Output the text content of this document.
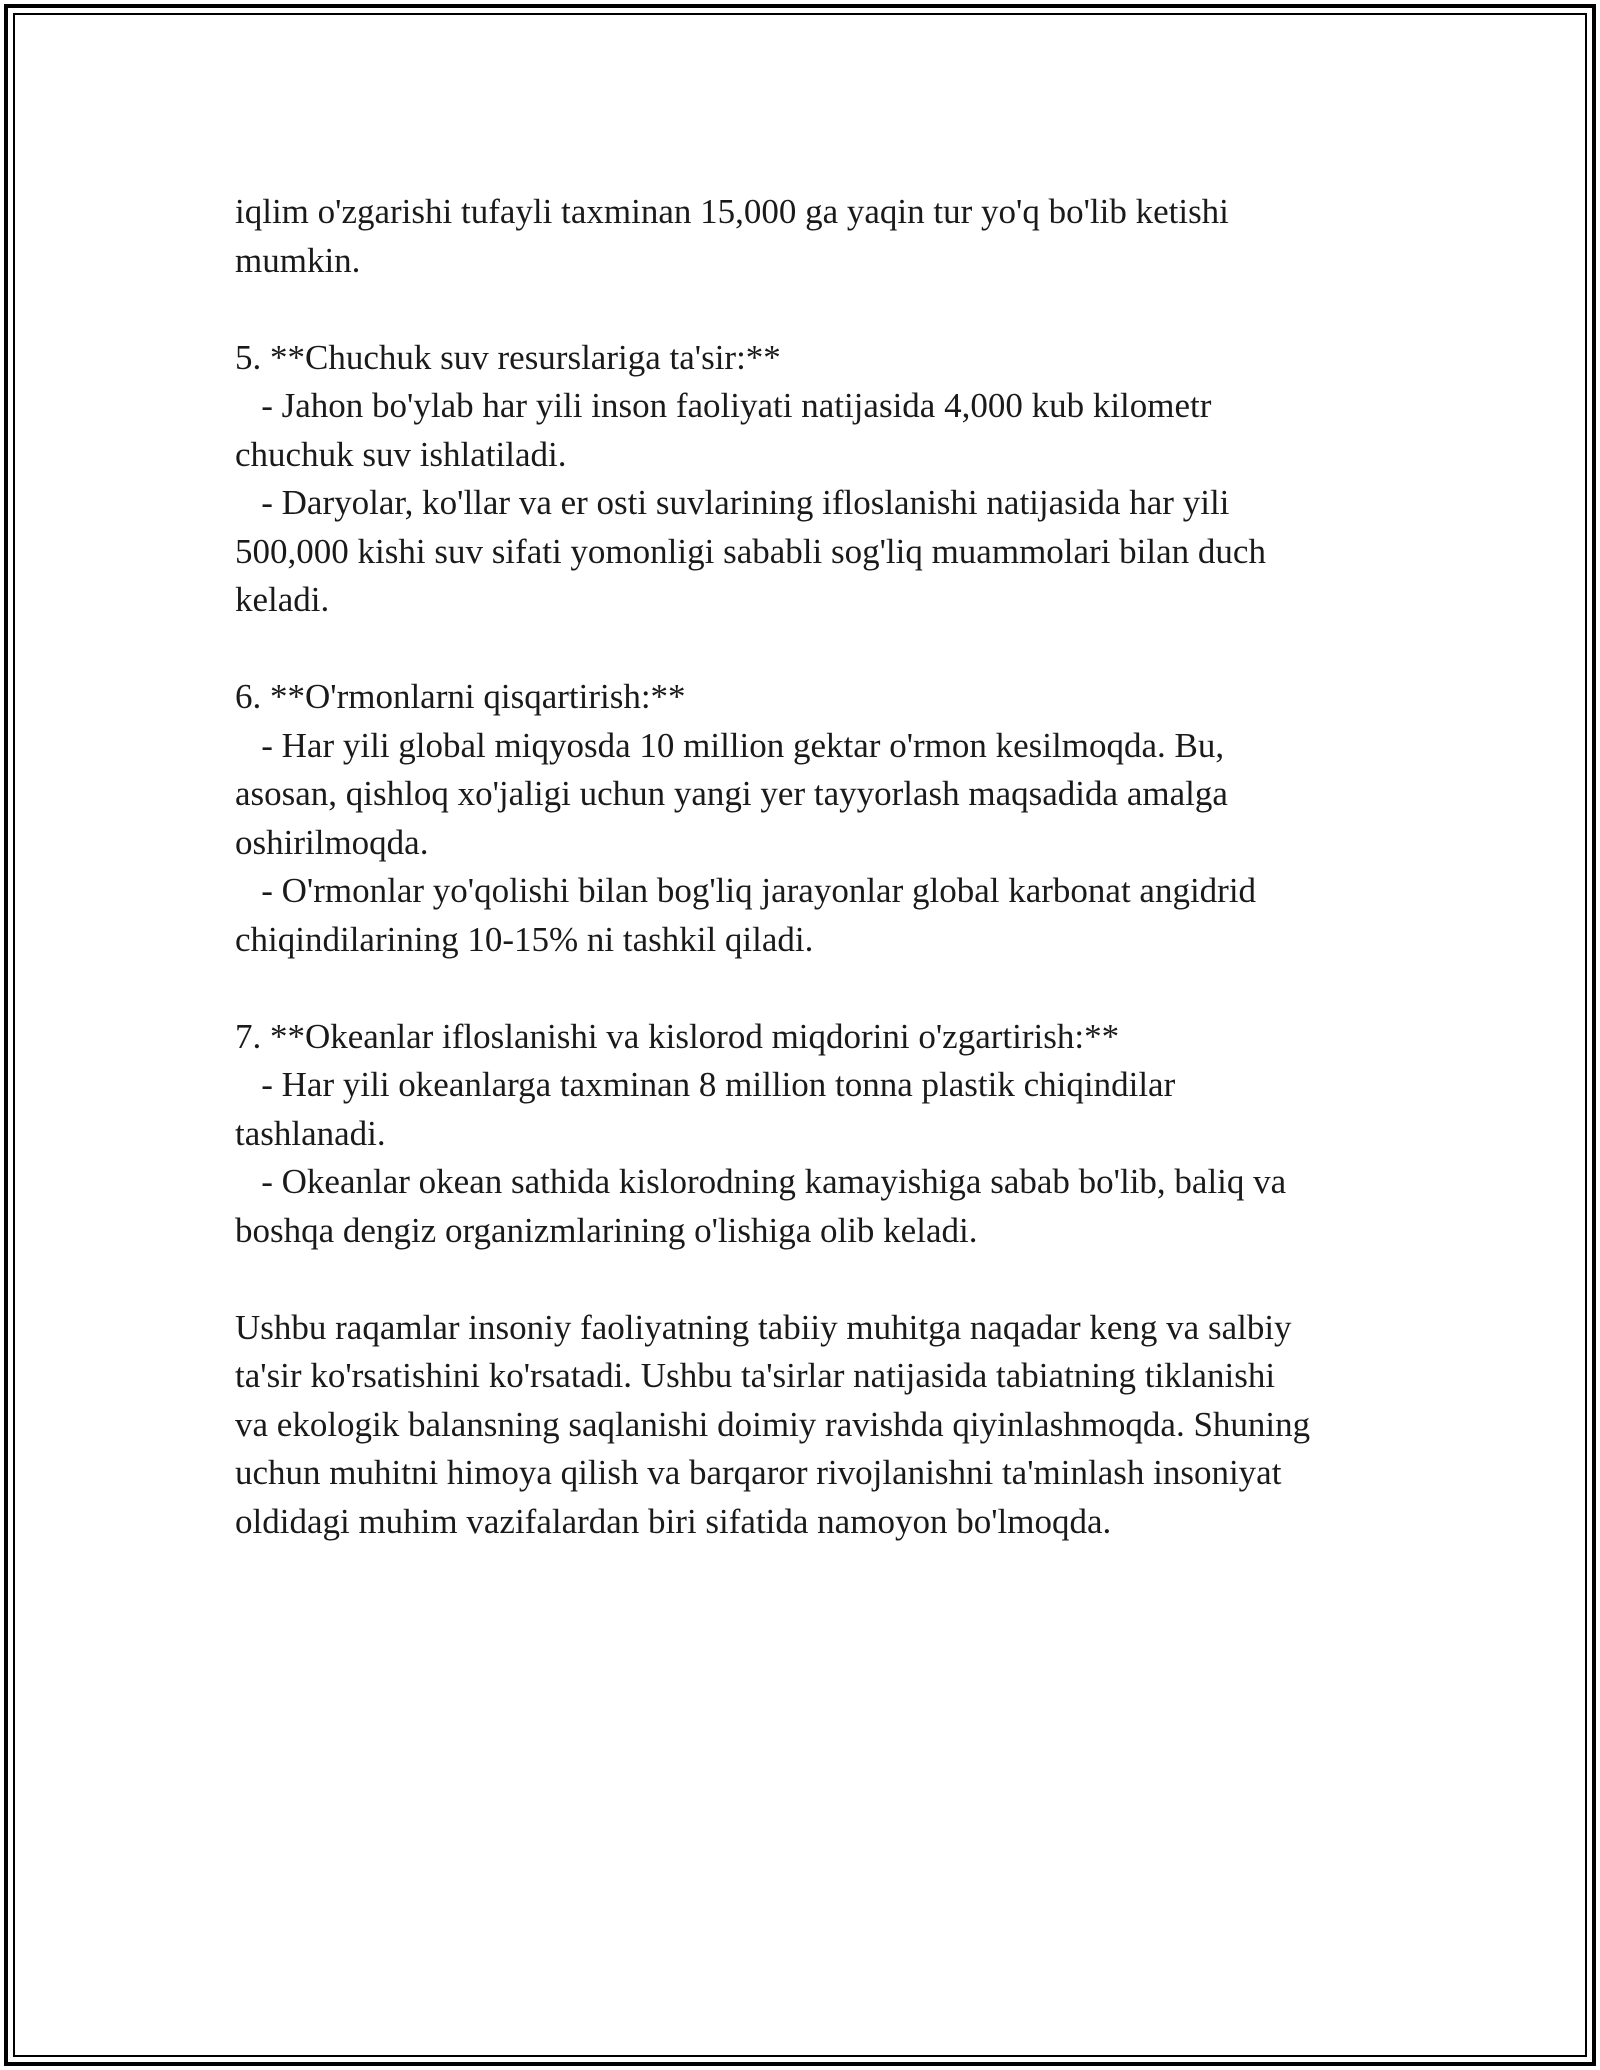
iqlim o'zgarishi tufayli taxminan 15,000 ga yaqin tur yo'q bo'lib ketishi

mumkin.

5. **Chuchuk suv resurslariga ta'sir:**

- Jahon bo'ylab har yili inson faoliyati natijasida 4,000 kub kilometr

chuchuk suv ishlatiladi.

- Daryolar, ko'llar va er osti suvlarining ifloslanishi natijasida har yili

500,000 kishi suv sifati yomonligi sababli sog'liq muammolari bilan duch

keladi.

6. **O'rmonlarni qisqartirish:**

- Har yili global miqyosda 10 million gektar o'rmon kesilmoqda. Bu,

asosan, qishloq xo'jaligi uchun yangi yer tayyorlash maqsadida amalga

oshirilmoqda.

- O'rmonlar yo'qolishi bilan bog'liq jarayonlar global karbonat angidrid

chiqindilarining 10-15% ni tashkil qiladi.

7. **Okeanlar ifloslanishi va kislorod miqdorini o'zgartirish:**

- Har yili okeanlarga taxminan 8 million tonna plastik chiqindilar

tashlanadi.

- Okeanlar okean sathida kislorodning kamayishiga sabab bo'lib, baliq va

boshqa dengiz organizmlarining o'lishiga olib keladi.

Ushbu raqamlar insoniy faoliyatning tabiiy muhitga naqadar keng va salbiy

ta'sir ko'rsatishini ko'rsatadi. Ushbu ta'sirlar natijasida tabiatning tiklanishi

va ekologik balansning saqlanishi doimiy ravishda qiyinlashmoqda. Shuning

uchun muhitni himoya qilish va barqaror rivojlanishni ta'minlash insoniyat

oldidagi muhim vazifalardan biri sifatida namoyon bo'lmoqda.
